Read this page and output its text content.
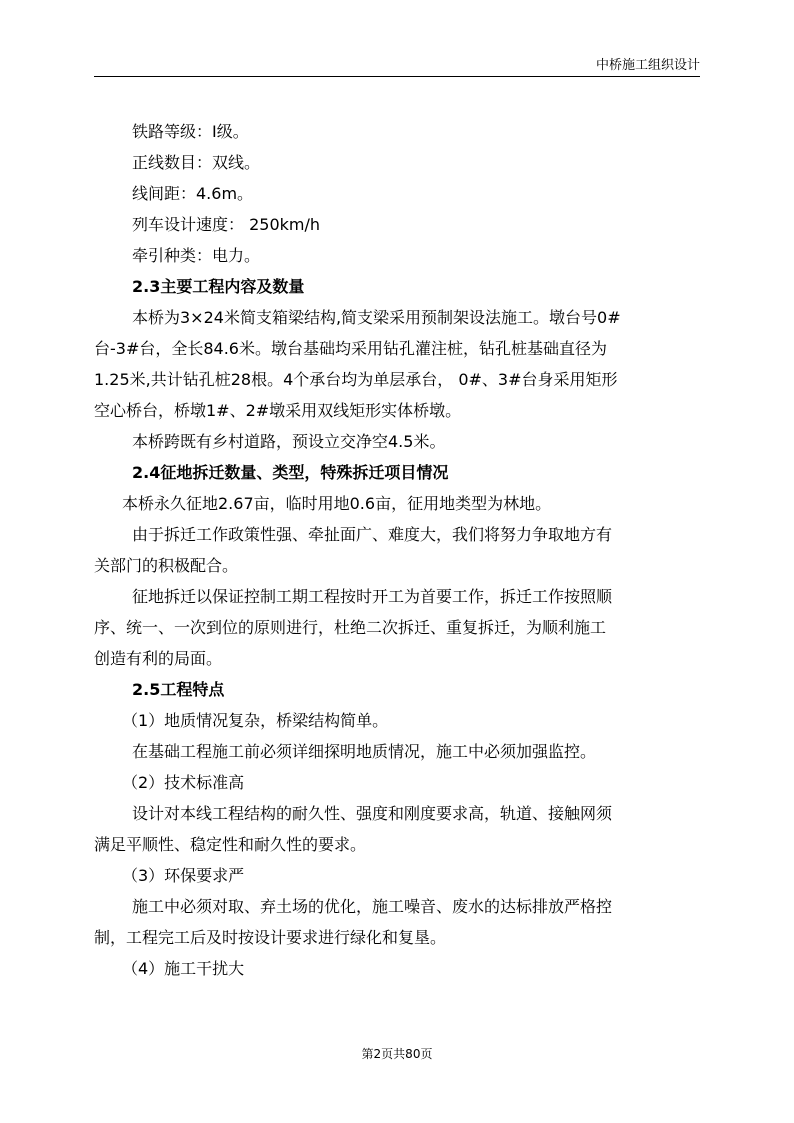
中桥施工组织设计
铁路等级：Ⅰ级。
正线数目：双线。
线间距：4.6m。
列车设计速度： 250km/h
牵引种类：电力。
2.3主要工程内容及数量
本桥为3×24米简支箱梁结构,简支梁采用预制架设法施工。墩台号0#
台-3#台，全长84.6米。墩台基础均采用钻孔灌注桩，钻孔桩基础直径为
1.25米,共计钻孔桩28根。4个承台均为单层承台， 0#、3#台身采用矩形
空心桥台，桥墩1#、2#墩采用双线矩形实体桥墩。
本桥跨既有乡村道路，预设立交净空4.5米。
2.4征地拆迁数量、类型，特殊拆迁项目情况
本桥永久征地2.67亩，临时用地0.6亩，征用地类型为林地。
由于拆迁工作政策性强、牵扯面广、难度大，我们将努力争取地方有
关部门的积极配合。
征地拆迁以保证控制工期工程按时开工为首要工作，拆迁工作按照顺
序、统一、一次到位的原则进行，杜绝二次拆迁、重复拆迁，为顺利施工
创造有利的局面。
2.5工程特点
（1）地质情况复杂，桥梁结构简单。
在基础工程施工前必须详细探明地质情况，施工中必须加强监控。
（2）技术标准高
设计对本线工程结构的耐久性、强度和刚度要求高，轨道、接触网须
满足平顺性、稳定性和耐久性的要求。
（3）环保要求严
施工中必须对取、弃土场的优化，施工噪音、废水的达标排放严格控
制，工程完工后及时按设计要求进行绿化和复垦。
（4）施工干扰大
第2页共80页
